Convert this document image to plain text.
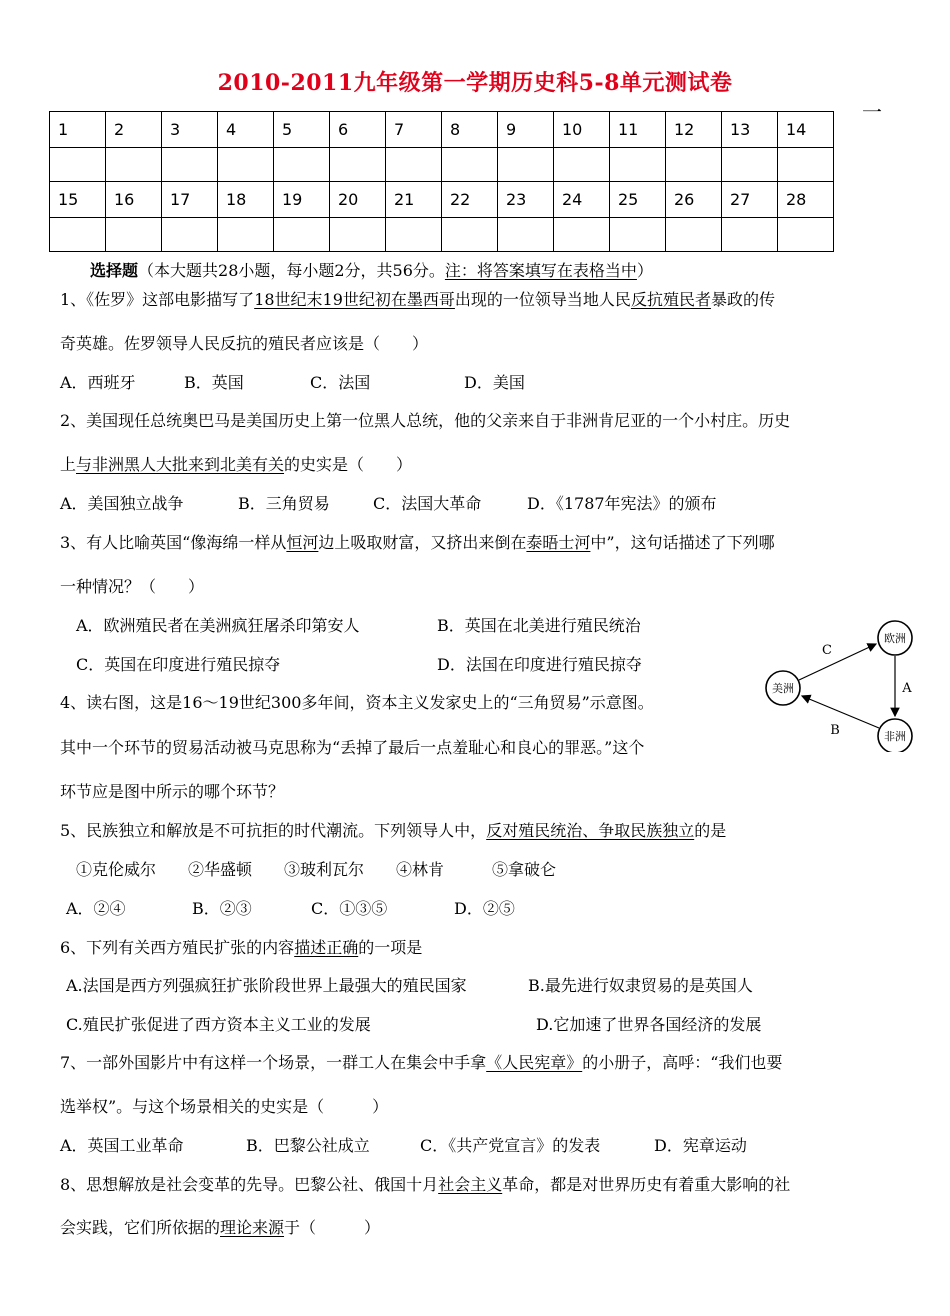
2010-2011九年级第一学期历史科5-8单元测试卷
一
1	2	3	4	5	6	7	8	9	10	11	12	13	14

15	16	17	18	19	20	21	22	23	24	25	26	27	28

选择题（本大题共28小题，每小题2分，共56分。注：将答案填写在表格当中）
1、《佐罗》这部电影描写了18世纪末19世纪初在墨西哥出现的一位领导当地人民反抗殖民者暴政的传
奇英雄。佐罗领导人民反抗的殖民者应该是（　　）
A．西班牙	B．英国	C．法国	D．美国
2、美国现任总统奥巴马是美国历史上第一位黑人总统，他的父亲来自于非洲肯尼亚的一个小村庄。历史
上与非洲黑人大批来到北美有关的史实是（　　）
A．美国独立战争	B．三角贸易	C．法国大革命	D．《1787年宪法》的颁布
3、有人比喻英国“像海绵一样从恒河边上吸取财富，又挤出来倒在泰晤士河中”，这句话描述了下列哪
一种情况？（　　）
A．欧洲殖民者在美洲疯狂屠杀印第安人	B．英国在北美进行殖民统治
C．英国在印度进行殖民掠夺	D．法国在印度进行殖民掠夺
4、读右图，这是16～19世纪300多年间，资本主义发家史上的“三角贸易”示意图。
其中一个环节的贸易活动被马克思称为“丢掉了最后一点羞耻心和良心的罪恶。”这个
环节应是图中所示的哪个环节？
欧洲
美洲
非洲
C
A
B
5、民族独立和解放是不可抗拒的时代潮流。下列领导人中，反对殖民统治、争取民族独立的是
①克伦威尔　　②华盛顿　　③玻利瓦尔　　④林肯　　　⑤拿破仑
A．②④	B．②③	C．①③⑤	D．②⑤
6、下列有关西方殖民扩张的内容描述正确的一项是
A.法国是西方列强疯狂扩张阶段世界上最强大的殖民国家	B.最先进行奴隶贸易的是英国人
C.殖民扩张促进了西方资本主义工业的发展	D.它加速了世界各国经济的发展
7、一部外国影片中有这样一个场景，一群工人在集会中手拿《人民宪章》的小册子，高呼：“我们也要
选举权”。与这个场景相关的史实是（　　　）
A．英国工业革命	B．巴黎公社成立	C．《共产党宣言》的发表	D．宪章运动
8、思想解放是社会变革的先导。巴黎公社、俄国十月社会主义革命，都是对世界历史有着重大影响的社
会实践，它们所依据的理论来源于（　　　）
